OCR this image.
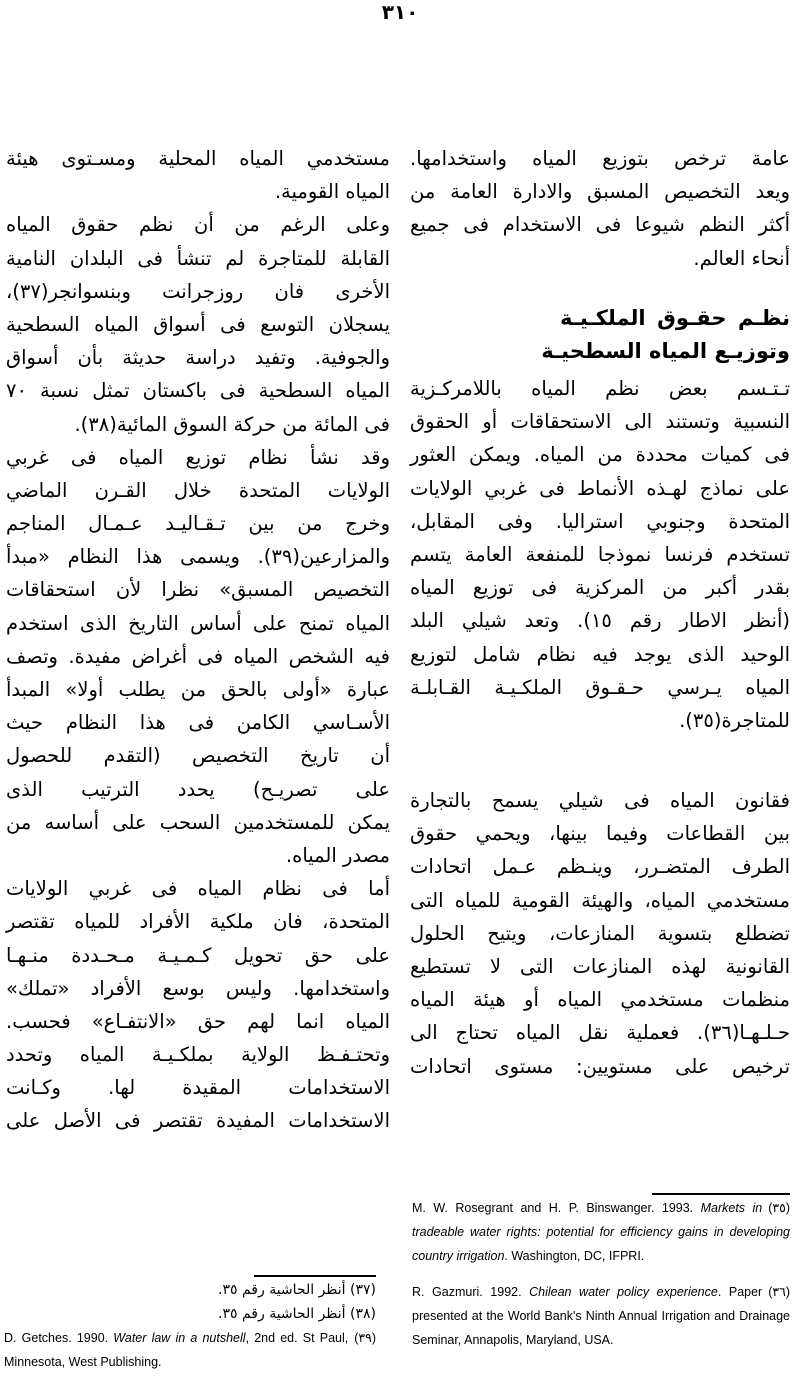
٣١٠
عامة ترخص بتوزيع المياه واستخدامها.
ويعد التخصيص المسبق والادارة العامة من
أكثر النظم شيوعا فى الاستخدام فى جميع
أنحاء العالم.
نظـم حقـوق الملكـيـة
وتوزيـع المياه السطحيـة
تـتـسم بعض نظم المياه باللامركـزية
النسبية وتستند الى الاستحقاقات أو الحقوق
فى كميات محددة من المياه. ويمكن العثور
على نماذج لهـذه الأنماط فى غربي الولايات
المتحدة وجنوبي استراليا. وفى المقابل،
تستخدم فرنسا نموذجا للمنفعة العامة يتسم
بقدر أكبر من المركزية فى توزيع المياه
(أنظر الاطار رقم ١٥). وتعد شيلي البلد
الوحيد الذى يوجد فيه نظام شامل لتوزيع
المياه يـرسي حـقـوق الملكـيـة القـابلـة
للمتاجرة(٣٥).
فقانون المياه فى شيلي يسمح بالتجارة
بين القطاعات وفيما بينها، ويحمي حقوق
الطرف المتضـرر، وينـظم عـمل اتحادات
مستخدمي المياه، والهيئة القومية للمياه التى
تضطلع بتسوية المنازعات، ويتيح الحلول
القانونية لهذه المنازعات التى لا تستطيع
منظمات مستخدمي المياه أو هيئة المياه
حـلـهـا(٣٦). فعملية نقل المياه تحتاج الى
ترخيص على مستويين: مستوى اتحادات
مستخدمي المياه المحلية ومسـتوى هيئة
المياه القومية.
وعلى الرغم من أن نظم حقوق المياه
القابلة للمتاجرة لم تنشأ فى البلدان النامية
الأخرى فان روزجرانت وبنسوانجر(٣٧)،
يسجلان التوسع فى أسواق المياه السطحية
والجوفية. وتفيد دراسة حديثة بأن أسواق
المياه السطحية فى باكستان تمثل نسبة ٧٠
فى المائة من حركة السوق المائية(٣٨).
وقد نشأ نظام توزيع المياه فى غربي
الولايات المتحدة خلال القـرن الماضي
وخرج من بين تـقـاليـد عـمـال المناجم
والمزارعين(٣٩). ويسمى هذا النظام «مبدأ
التخصيص المسبق» نظرا لأن استحقاقات
المياه تمنح على أساس التاريخ الذى استخدم
فيه الشخص المياه فى أغراض مفيدة. وتصف
عبارة «أولى بالحق من يطلب أولا» المبدأ
الأسـاسي الكامن فى هذا النظام حيث
أن تاريخ التخصيص (التقدم للحصول
على تصريـح) يحدد الترتيب الذى
يمكن للمستخدمين السحب على أساسه من
مصدر المياه.
أما فى نظام المياه فى غربي الولايات
المتحدة، فان ملكية الأفراد للمياه تقتصر
على حق تحويل كـمـيـة مـحـددة منـهـا
واستخدامها. وليس بوسع الأفراد «تملك»
المياه انما لهم حق «الانتفـاع» فحسب.
وتحتـفـظ الولاية بملكـيـة المياه وتحدد
الاستخدامات المقيدة لها. وكـانت
الاستخدامات المفيدة تقتصر فى الأصل على
(٣٥)
M. W. Rosegrant and H. P. Binswanger. 1993. Markets in tradeable water rights: potential for efficiency gains in developing country irrigation. Washington, DC, IFPRI.
(٣٦)
R. Gazmuri. 1992. Chilean water policy experience. Paper presented at the World Bank's Ninth Annual Irrigation and Drainage Seminar, Annapolis, Maryland, USA.
(٣٧) أنظر الحاشية رقم ٣٥.
(٣٨) أنظر الحاشية رقم ٣٥.
(٣٩)
D. Getches. 1990. Water law in a nutshell, 2nd ed. St Paul, Minnesota, West Publishing.
